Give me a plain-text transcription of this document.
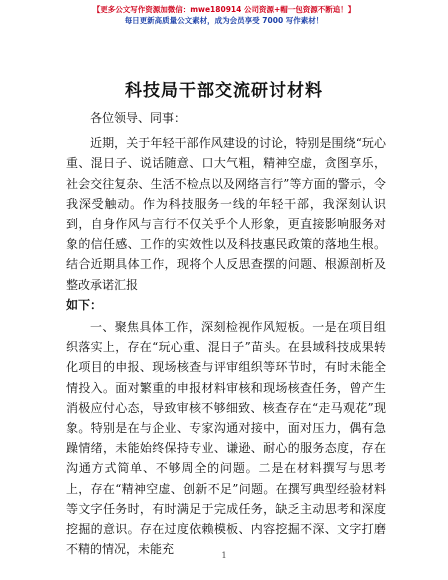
【更多公文写作资源加微信：mwe180914 公司资源+帽一包资源不断追！】
每日更新高质量公文素材，成为会员享受 7000 写作素材！
科技局干部交流研讨材料

各位领导、同事：

近期，关于年轻干部作风建设的讨论，特别是围绕“玩心重、混日子、说话随意、口大气粗，精神空虚，贪图享乐，社会交往复杂、生活不检点以及网络言行”等方面的警示，令我深受触动。作为科技服务一线的年轻干部，我深刻认识到，自身作风与言行不仅关乎个人形象，更直接影响服务对象的信任感、工作的实效性以及科技惠民政策的落地生根。结合近期具体工作，现将个人反思查摆的问题、根源剖析及整改承诺汇报

如下：

一、聚焦具体工作，深刻检视作风短板。一是在项目组织落实上，存在“玩心重、混日子”苗头。在县域科技成果转化项目的申报、现场核查与评审组织等环节时，有时未能全情投入。面对繁重的申报材料审核和现场核查任务，曾产生消极应付心态，导致审核不够细致、核查存在“走马观花”现象。特别是在与企业、专家沟通对接中，面对压力，偶有急躁情绪，未能始终保持专业、谦逊、耐心的服务态度，存在沟通方式简单、不够周全的问题。二是在材料撰写与思考上，存在“精神空虚、创新不足”问题。在撰写典型经验材料等文字任务时，有时满足于完成任务，缺乏主动思考和深度挖掘的意识。存在过度依赖模板、内容挖掘不深、文字打磨不精的情况，未能充	1
